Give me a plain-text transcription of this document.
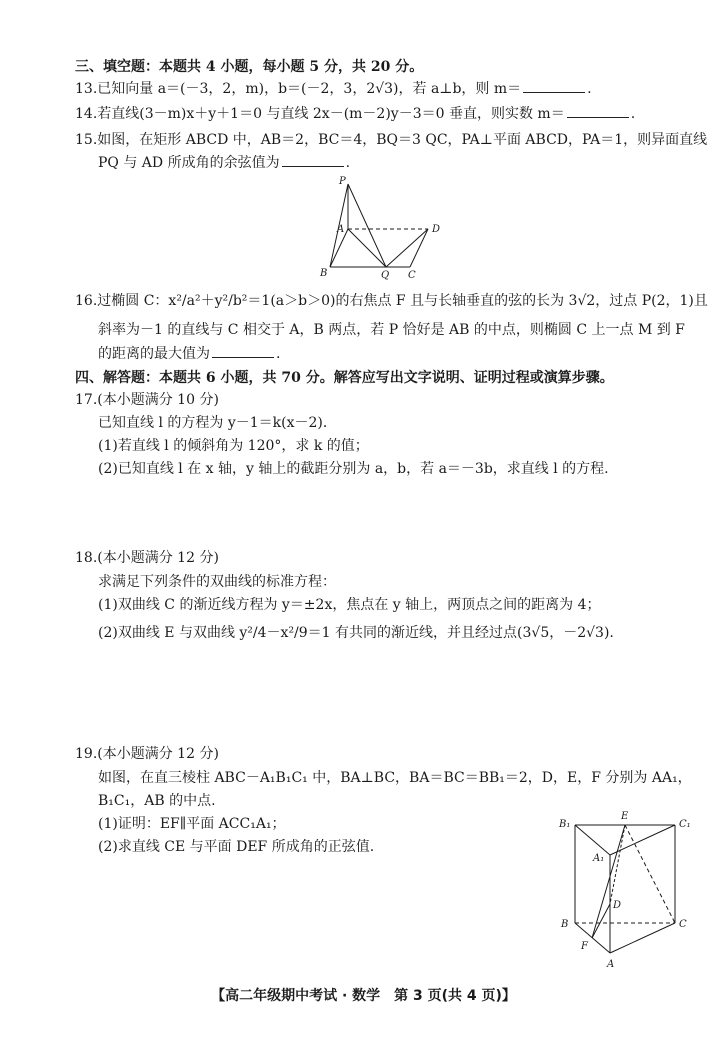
三、填空题：本题共 4 小题，每小题 5 分，共 20 分。
13.已知向量 a＝(－3，2，m)，b＝(－2，3，2√3)，若 a⊥b，则 m＝	.
14.若直线(3－m)x＋y＋1＝0 与直线 2x－(m－2)y－3＝0 垂直，则实数 m＝	.
15.如图，在矩形 ABCD 中，AB＝2，BC＝4，BQ＝3 QC，PA⊥平面 ABCD，PA＝1，则异面直线
PQ 与 AD 所成角的余弦值为	.
P
A	D
B	Q C
16.过椭圆 C：x²/a²＋y²/b²＝1(a＞b＞0)的右焦点 F 且与长轴垂直的弦的长为 3√2，过点 P(2，1)且
斜率为－1 的直线与 C 相交于 A，B 两点，若 P 恰好是 AB 的中点，则椭圆 C 上一点 M 到 F
的距离的最大值为	.
四、解答题：本题共 6 小题，共 70 分。解答应写出文字说明、证明过程或演算步骤。
17.(本小题满分 10 分)
已知直线 l 的方程为 y－1＝k(x－2)．
(1)若直线 l 的倾斜角为 120°，求 k 的值；
(2)已知直线 l 在 x 轴，y 轴上的截距分别为 a，b，若 a＝－3b，求直线 l 的方程.
18.(本小题满分 12 分)
求满足下列条件的双曲线的标准方程：
(1)双曲线 C 的渐近线方程为 y＝±2x，焦点在 y 轴上，两顶点之间的距离为 4；
(2)双曲线 E 与双曲线 y²/4－x²/9＝1 有共同的渐近线，并且经过点(3√5，－2√3).
19.(本小题满分 12 分)
如图，在直三棱柱 ABC－A₁B₁C₁ 中，BA⊥BC，BA＝BC＝BB₁＝2，D，E，F 分别为 AA₁，
B₁C₁，AB 的中点.
(1)证明：EF∥平面 ACC₁A₁；
(2)求直线 CE 与平面 DEF 所成角的正弦值.
B₁
E
C₁
A₁
D
B	C
F
A
【高二年级期中考试 · 数学　第 3 页(共 4 页)】
